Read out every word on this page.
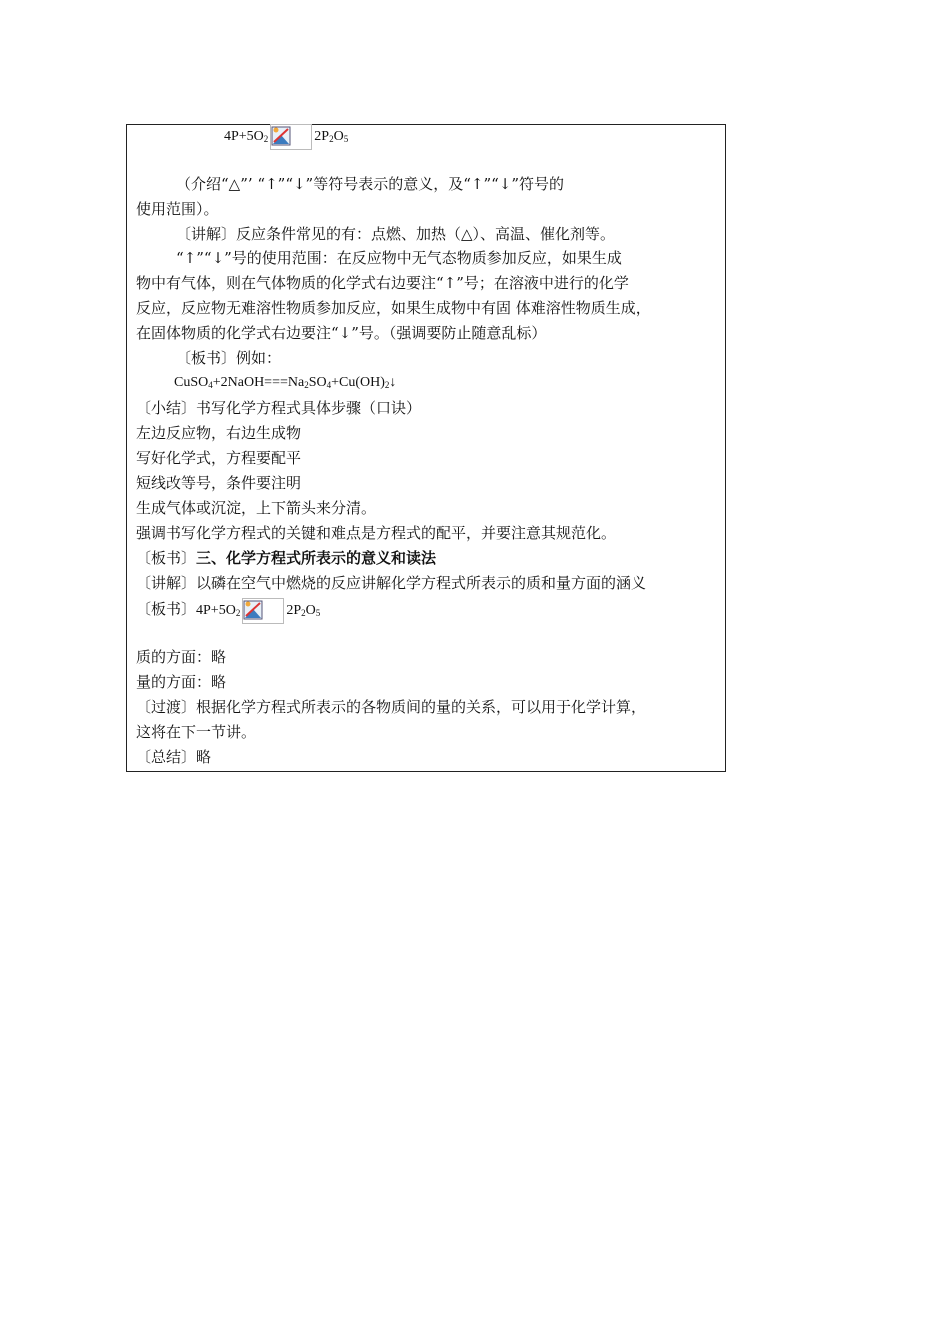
$4P+5O_2$	$2P_2O_5$
（介绍“△”’ “↑”“↓”等符号表示的意义，及“↑”“↓”符号的
使用范围）。
〔讲解〕反应条件常见的有：点燃、加热（△）、高温、催化剂等。
“↑”“↓”号的使用范围：在反应物中无气态物质参加反应，如果生成
物中有气体，则在气体物质的化学式右边要注“↑”号；在溶液中进行的化学
反应，反应物无难溶性物质参加反应，如果生成物中有固 体难溶性物质生成，
在固体物质的化学式右边要注“↓”号。（强调要防止随意乱标）
〔板书〕例如：
$CuSO_4+2NaOH===Na_2SO_4+Cu(OH)_2↓$
〔小结〕书写化学方程式具体步骤（口诀）
左边反应物，右边生成物
写好化学式，方程要配平
短线改等号，条件要注明
生成气体或沉淀，上下箭头来分清。
强调书写化学方程式的关键和难点是方程式的配平，并要注意其规范化。
〔板书〕三、化学方程式所表示的意义和读法
〔讲解〕以磷在空气中燃烧的反应讲解化学方程式所表示的质和量方面的涵义
〔板书〕$4P+5O_2$	$2P_2O_5$
质的方面：略
量的方面：略
〔过渡〕根据化学方程式所表示的各物质间的量的关系，可以用于化学计算，
这将在下一节讲。
〔总结〕略
